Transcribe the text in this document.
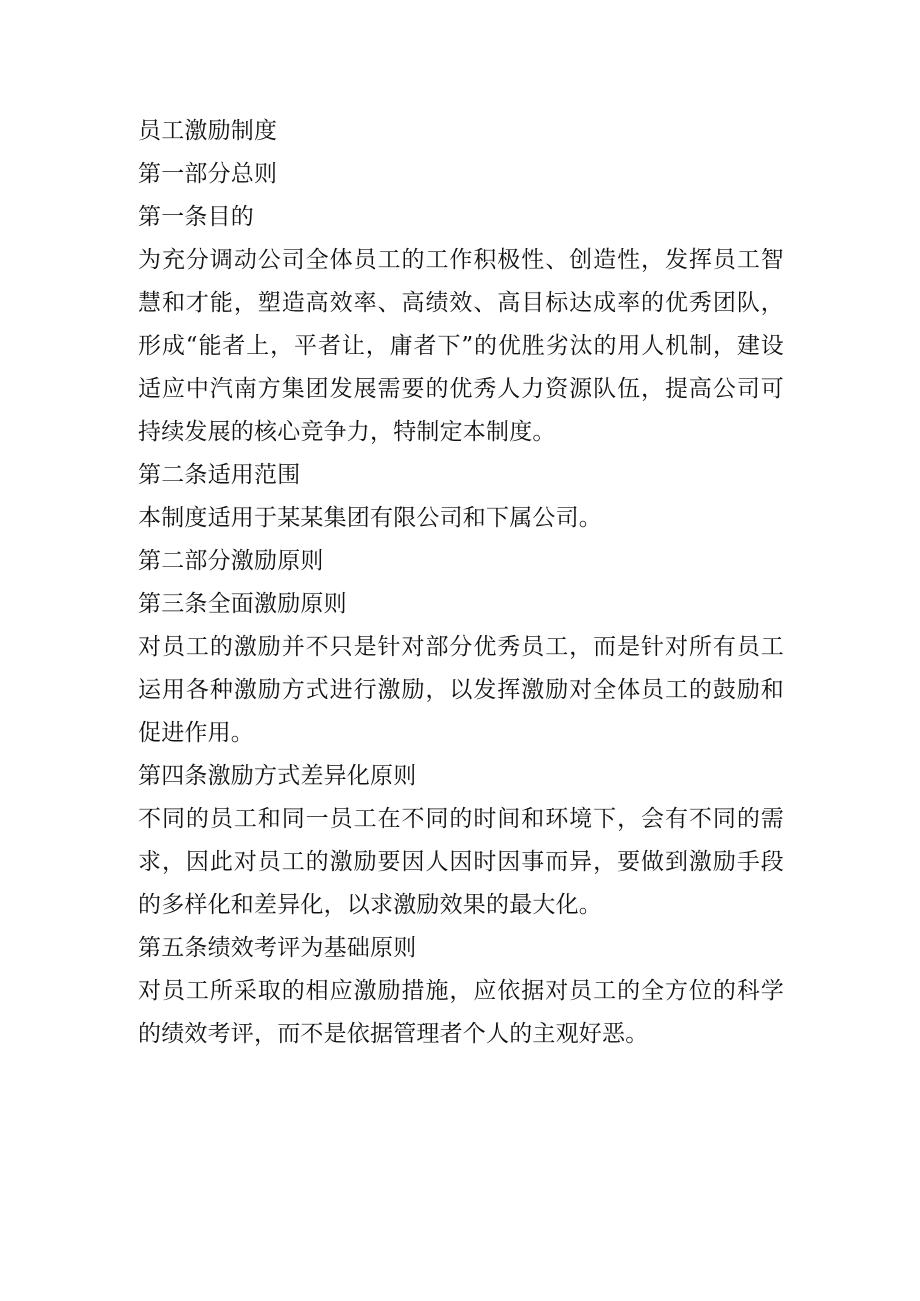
员工激励制度

第一部分总则

第一条目的

为充分调动公司全体员工的工作积极性、创造性，发挥员工智慧和才能，塑造高效率、高绩效、高目标达成率的优秀团队，形成“能者上，平者让，庸者下”的优胜劣汰的用人机制，建设适应中汽南方集团发展需要的优秀人力资源队伍，提高公司可持续发展的核心竞争力，特制定本制度。

第二条适用范围

本制度适用于某某集团有限公司和下属公司。

第二部分激励原则

第三条全面激励原则

对员工的激励并不只是针对部分优秀员工，而是针对所有员工运用各种激励方式进行激励，以发挥激励对全体员工的鼓励和促进作用。

第四条激励方式差异化原则

不同的员工和同一员工在不同的时间和环境下，会有不同的需求，因此对员工的激励要因人因时因事而异，要做到激励手段的多样化和差异化，以求激励效果的最大化。

第五条绩效考评为基础原则

对员工所采取的相应激励措施，应依据对员工的全方位的科学的绩效考评，而不是依据管理者个人的主观好恶。
